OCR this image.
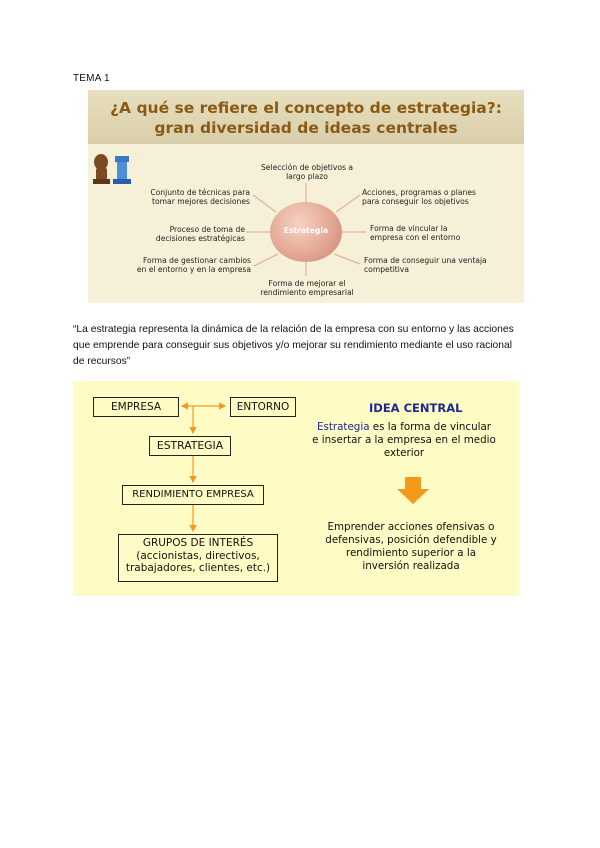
TEMA 1
¿A qué se refiere el concepto de estrategia?:
gran diversidad de ideas centrales
Estrategia
Selección de objetivos a
largo plazo
Conjunto de técnicas para
tomar mejores decisiones
Acciones, programas o planes
para conseguir los objetivos
Proceso de toma de
decisiones estratégicas
Forma de vincular la
empresa con el entorno
Forma de gestionar cambios
en el entorno y en la empresa
Forma de conseguir una ventaja
competitiva
Forma de mejorar el
rendimiento empresarial
“La estrategia representa la dinámica de la relación de la empresa con su entorno y las acciones que emprende para conseguir sus objetivos y/o mejorar su rendimiento mediante el uso racional de recursos”
EMPRESA	ENTORNO
ESTRATEGIA
RENDIMIENTO EMPRESA
GRUPOS DE INTERÉS
(accionistas, directivos,
trabajadores, clientes, etc.)
IDEA CENTRAL
Estrategia es la forma de vincular
e insertar a la empresa en el medio
exterior
Emprender acciones ofensivas o
defensivas, posición defendible y
rendimiento superior a la
inversión realizada
